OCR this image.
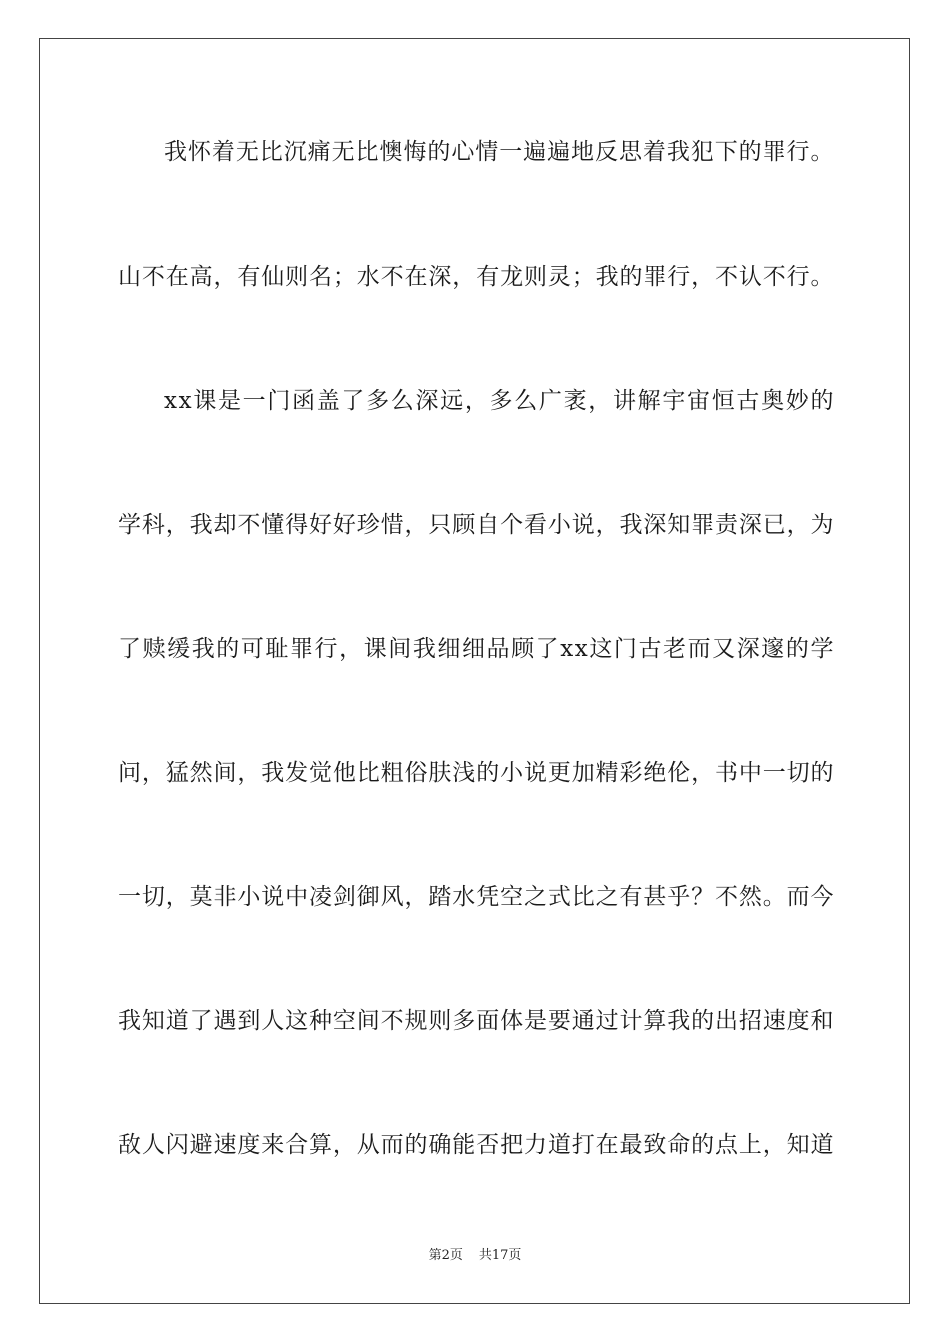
我怀着无比沉痛无比懊悔的心情一遍遍地反思着我犯下的罪行。
山不在高，有仙则名；水不在深，有龙则灵；我的罪行，不认不行。
xx课是一门函盖了多么深远，多么广袤，讲解宇宙恒古奥妙的
学科，我却不懂得好好珍惜，只顾自个看小说，我深知罪责深已，为
了赎缓我的可耻罪行，课间我细细品顾了xx这门古老而又深邃的学
问，猛然间，我发觉他比粗俗肤浅的小说更加精彩绝伦，书中一切的
一切，莫非小说中凌剑御风，踏水凭空之式比之有甚乎？不然。而今
我知道了遇到人这种空间不规则多面体是要通过计算我的出招速度和
敌人闪避速度来合算，从而的确能否把力道打在最致命的点上，知道
第2页 共17页
